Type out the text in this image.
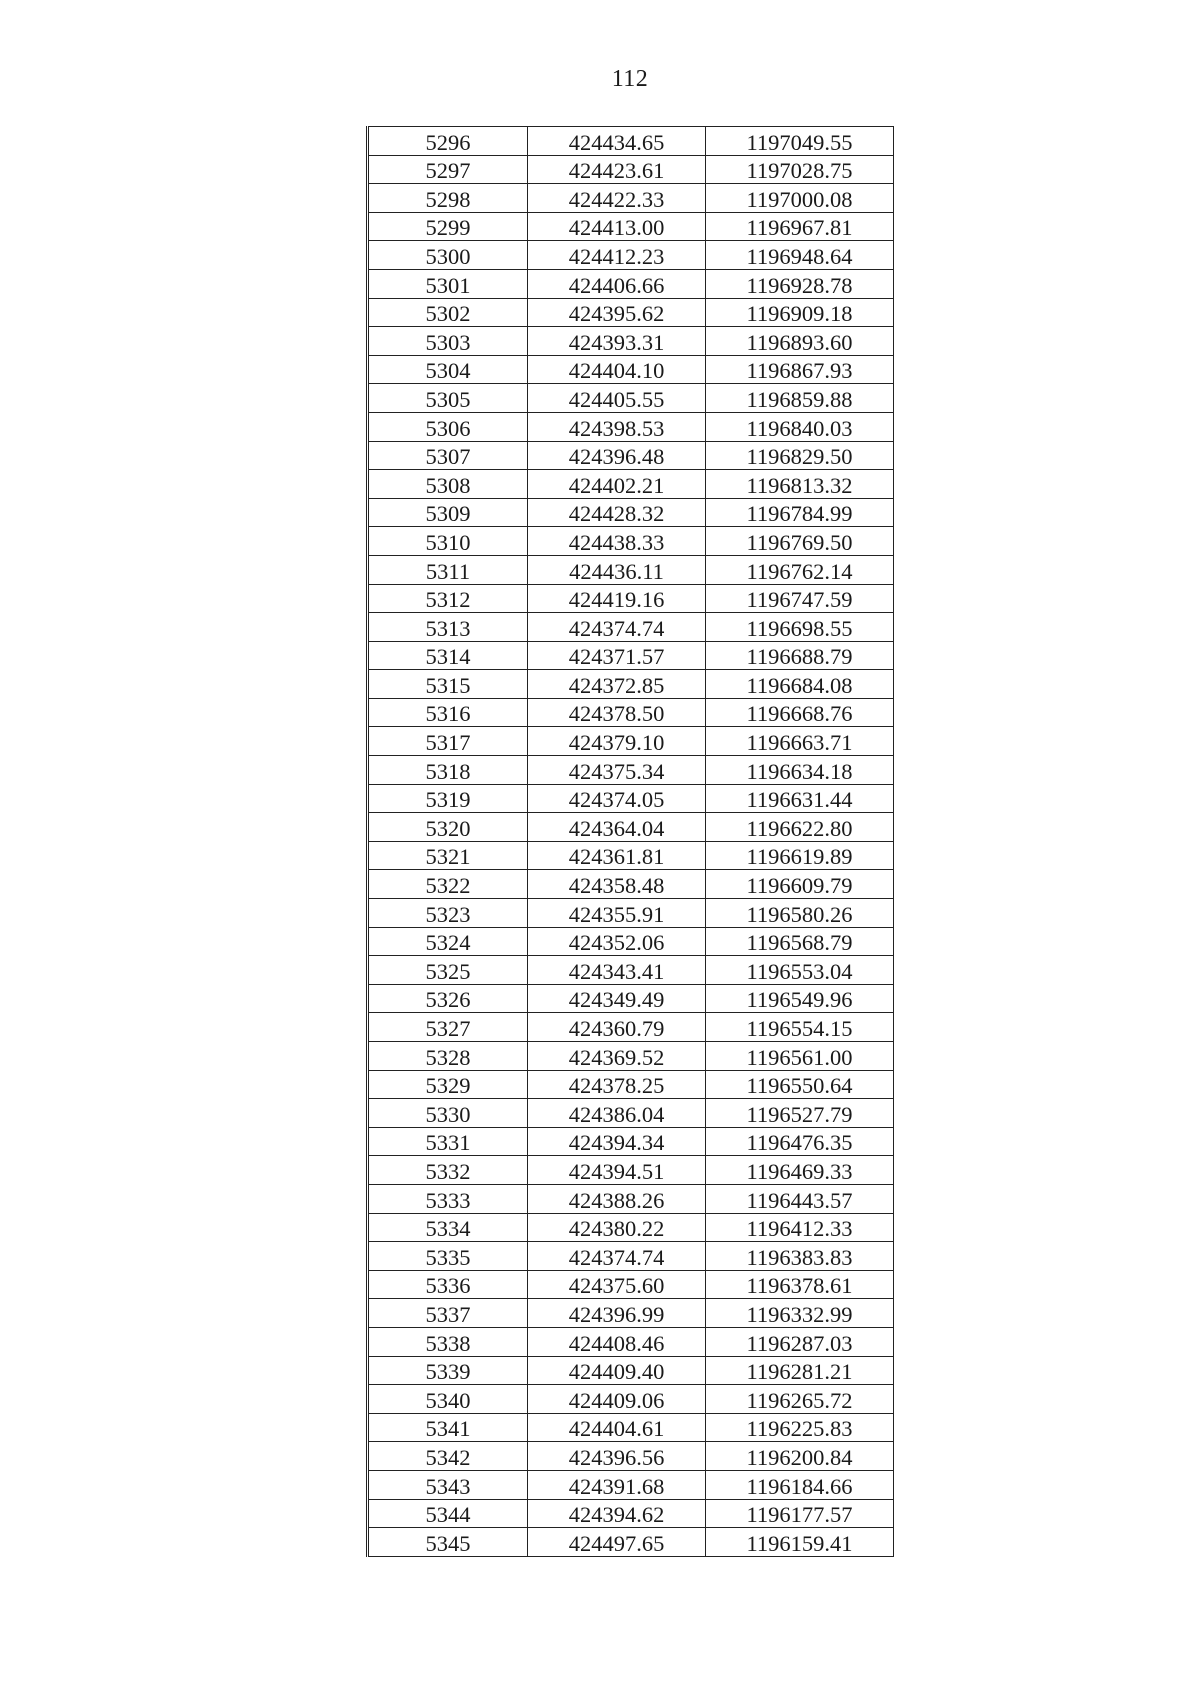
112
5296	424434.65	1197049.55
5297	424423.61	1197028.75
5298	424422.33	1197000.08
5299	424413.00	1196967.81
5300	424412.23	1196948.64
5301	424406.66	1196928.78
5302	424395.62	1196909.18
5303	424393.31	1196893.60
5304	424404.10	1196867.93
5305	424405.55	1196859.88
5306	424398.53	1196840.03
5307	424396.48	1196829.50
5308	424402.21	1196813.32
5309	424428.32	1196784.99
5310	424438.33	1196769.50
5311	424436.11	1196762.14
5312	424419.16	1196747.59
5313	424374.74	1196698.55
5314	424371.57	1196688.79
5315	424372.85	1196684.08
5316	424378.50	1196668.76
5317	424379.10	1196663.71
5318	424375.34	1196634.18
5319	424374.05	1196631.44
5320	424364.04	1196622.80
5321	424361.81	1196619.89
5322	424358.48	1196609.79
5323	424355.91	1196580.26
5324	424352.06	1196568.79
5325	424343.41	1196553.04
5326	424349.49	1196549.96
5327	424360.79	1196554.15
5328	424369.52	1196561.00
5329	424378.25	1196550.64
5330	424386.04	1196527.79
5331	424394.34	1196476.35
5332	424394.51	1196469.33
5333	424388.26	1196443.57
5334	424380.22	1196412.33
5335	424374.74	1196383.83
5336	424375.60	1196378.61
5337	424396.99	1196332.99
5338	424408.46	1196287.03
5339	424409.40	1196281.21
5340	424409.06	1196265.72
5341	424404.61	1196225.83
5342	424396.56	1196200.84
5343	424391.68	1196184.66
5344	424394.62	1196177.57
5345	424497.65	1196159.41
